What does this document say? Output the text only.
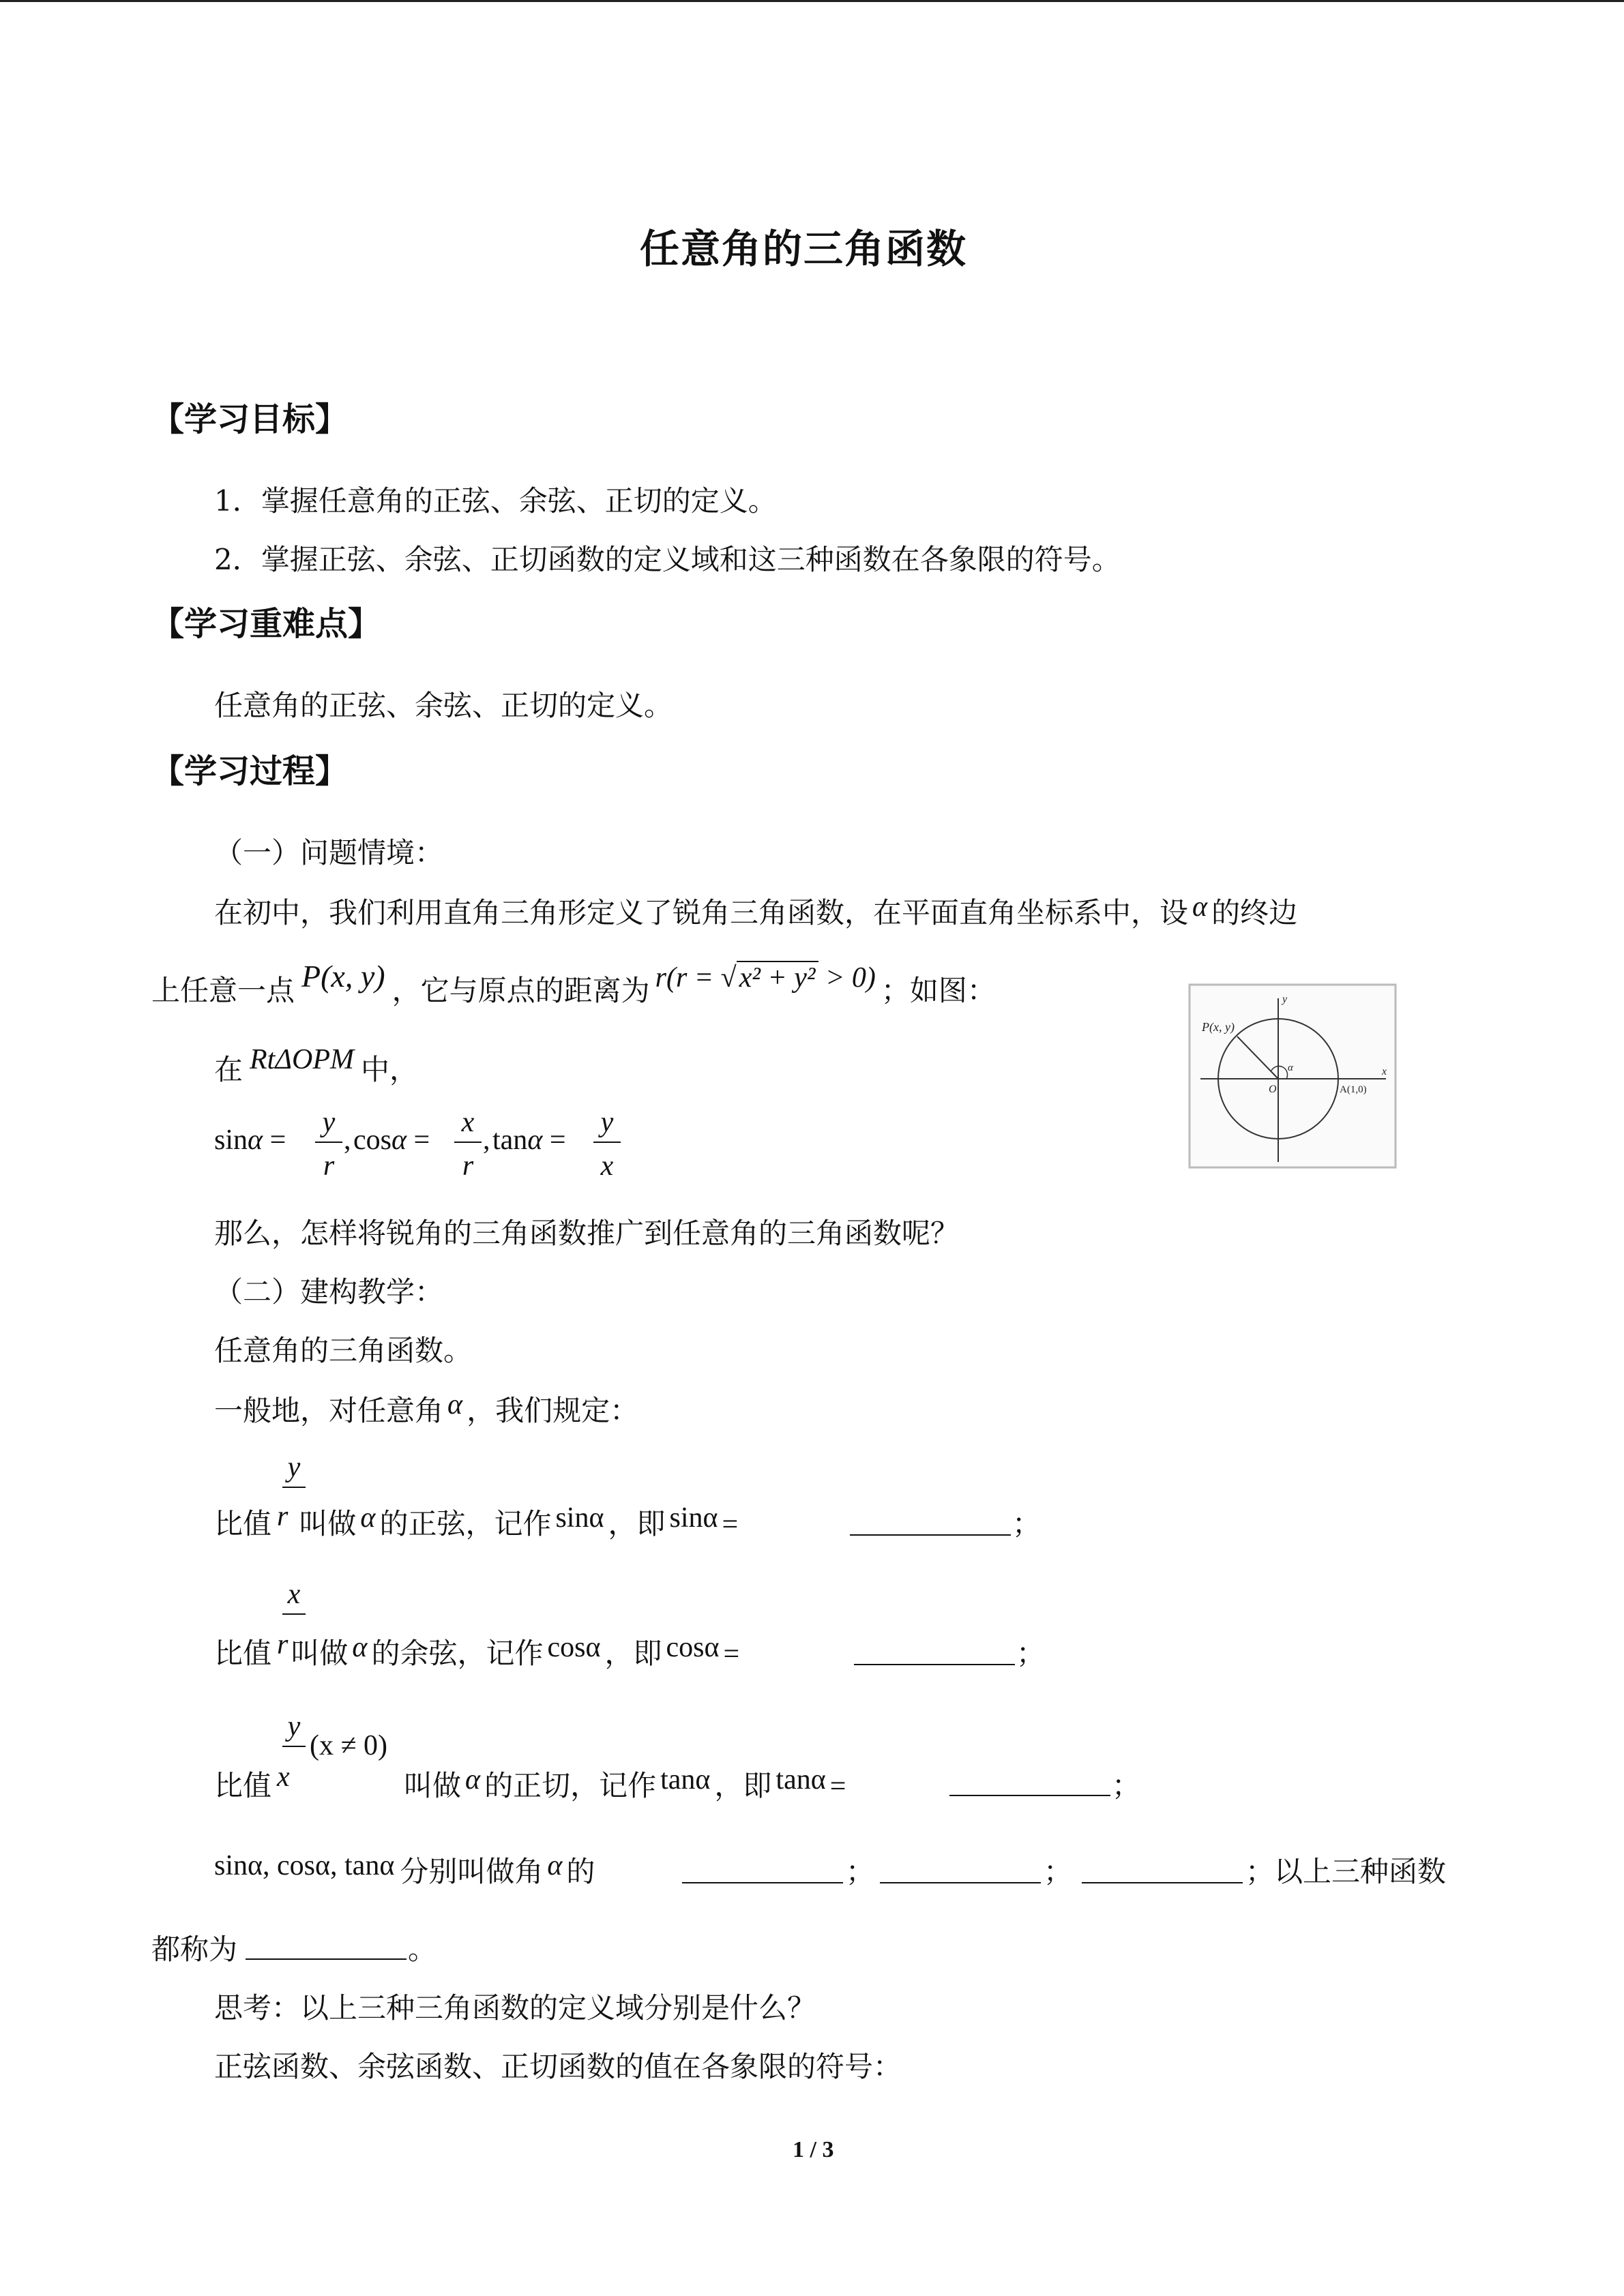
任意角的三角函数
【学习目标】
1．掌握任意角的正弦、余弦、正切的定义。
2．掌握正弦、余弦、正切函数的定义域和这三种函数在各象限的符号。
【学习重难点】
任意角的正弦、余弦、正切的定义。
【学习过程】
（一）问题情境：
在初中，我们利用直角三角形定义了锐角三角函数，在平面直角坐标系中，设 α 的终边
上任意一点 P(x, y) ，它与原点的距离为 r(r = √x² + y² > 0) ；如图：
在 RtΔOPM 中，
sinα =
y
r
, cosα =
x
r
, tanα =
y
x
P(x, y)
y
x
O
α
A(1,0)
那么，怎样将锐角的三角函数推广到任意角的三角函数呢？
（二）建构教学：
任意角的三角函数。
一般地，对任意角 α ，我们规定：
y
比值 r 叫做 α 的正弦，记作 sinα ，即 sinα =	；
x
比值 r叫做 α 的余弦，记作 cosα ，即 cosα =	；
y
(x ≠ 0)
比值 x	叫做 α 的正切，记作 tanα ，即 tanα =	；
sinα, cosα, tanα 分别叫做角 α 的	；	；	；以上三种函数
都称为	。
思考：以上三种三角函数的定义域分别是什么？
正弦函数、余弦函数、正切函数的值在各象限的符号：
1 / 3
